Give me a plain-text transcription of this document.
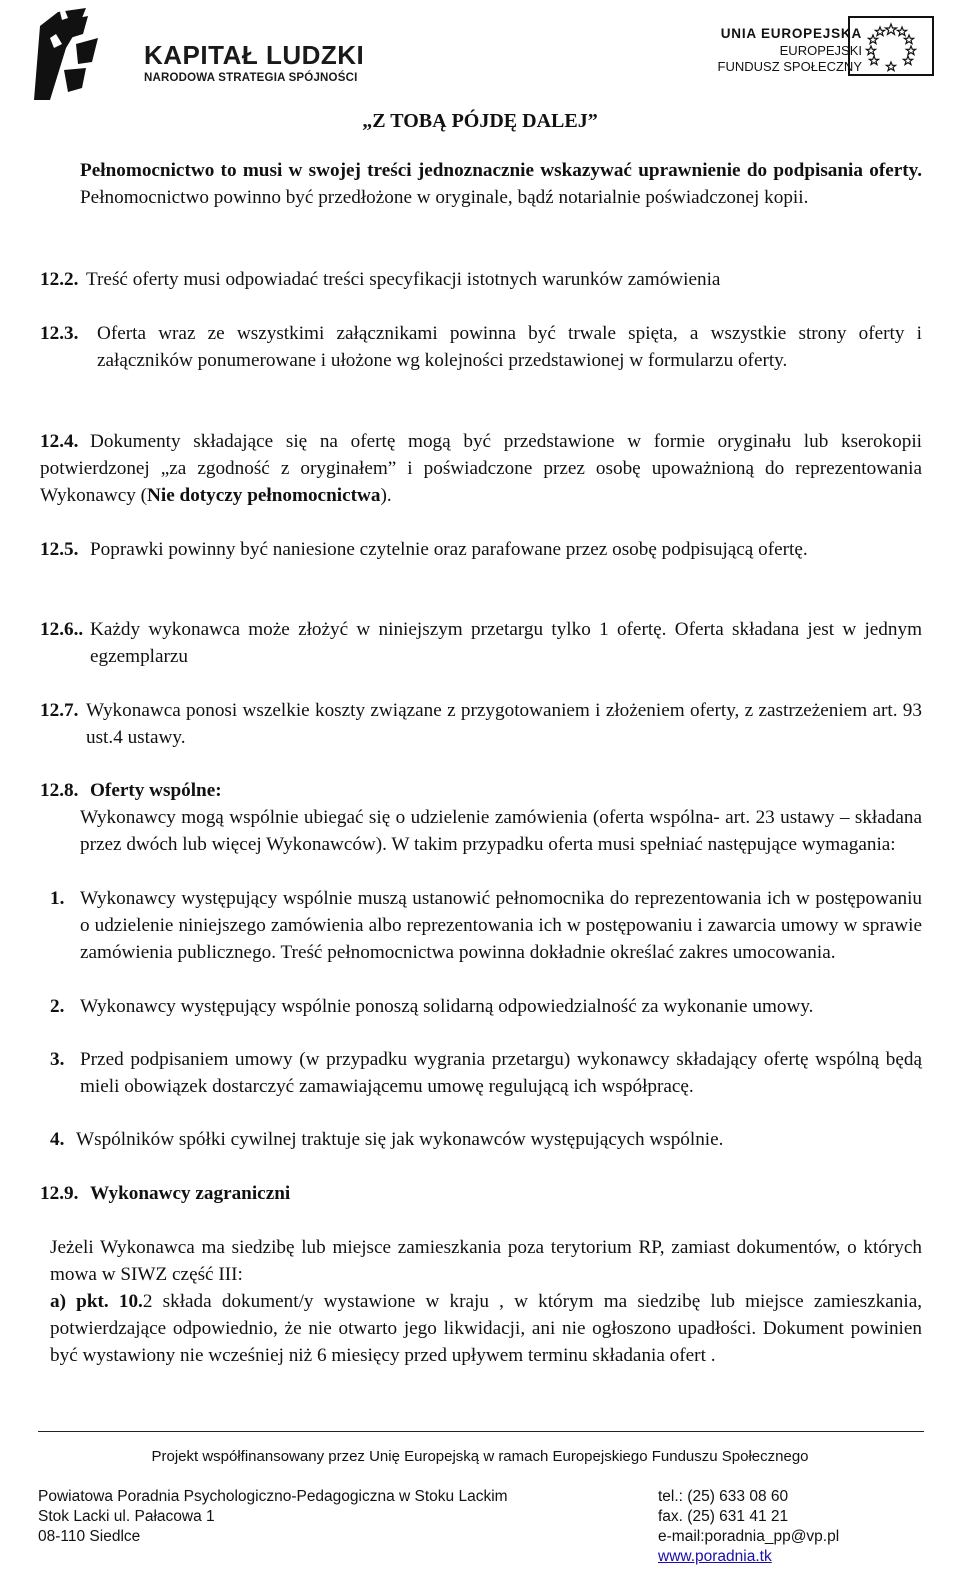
KAPITAŁ LUDZKI
NARODOWA STRATEGIA SPÓJNOŚCI
UNIA EUROPEJSKA
EUROPEJSKI
FUNDUSZ SPOŁECZNY
„Z TOBĄ PÓJDĘ DALEJ”
Pełnomocnictwo to musi w swojej treści jednoznacznie wskazywać uprawnienie do podpisania oferty. Pełnomocnictwo powinno być przedłożone w oryginale, bądź notarialnie poświadczonej kopii.
12.2. Treść oferty musi odpowiadać treści specyfikacji istotnych warunków zamówienia
12.3. Oferta wraz ze wszystkimi załącznikami powinna być trwale spięta, a wszystkie strony oferty i załączników ponumerowane i ułożone wg kolejności przedstawionej w formularzu oferty.
12.4. Dokumenty składające się na ofertę mogą być przedstawione w formie oryginału lub kserokopii potwierdzonej „za zgodność z oryginałem” i poświadczone przez osobę upoważnioną do reprezentowania Wykonawcy (Nie dotyczy pełnomocnictwa).
12.5. Poprawki powinny być naniesione czytelnie oraz parafowane przez osobę podpisującą ofertę.
12.6.. Każdy wykonawca może złożyć w niniejszym przetargu tylko 1 ofertę. Oferta składana jest w jednym egzemplarzu
12.7. Wykonawca ponosi wszelkie koszty związane z przygotowaniem i złożeniem oferty, z zastrzeżeniem art. 93 ust.4 ustawy.
12.8. Oferty wspólne:
Wykonawcy mogą wspólnie ubiegać się o udzielenie zamówienia (oferta wspólna- art. 23 ustawy – składana przez dwóch lub więcej Wykonawców). W takim przypadku oferta musi spełniać następujące wymagania:
1. Wykonawcy występujący wspólnie muszą ustanowić pełnomocnika do reprezentowania ich w postępowaniu o udzielenie niniejszego zamówienia albo reprezentowania ich w postępowaniu i zawarcia umowy w sprawie zamówienia publicznego. Treść pełnomocnictwa powinna dokładnie określać zakres umocowania.
2. Wykonawcy występujący wspólnie ponoszą solidarną odpowiedzialność za wykonanie umowy.
3. Przed podpisaniem umowy (w przypadku wygrania przetargu) wykonawcy składający ofertę wspólną będą mieli obowiązek dostarczyć zamawiającemu umowę regulującą ich współpracę.
4. Wspólników spółki cywilnej traktuje się jak wykonawców występujących wspólnie.
12.9. Wykonawcy zagraniczni
Jeżeli Wykonawca ma siedzibę lub miejsce zamieszkania poza terytorium RP, zamiast dokumentów, o których mowa w SIWZ część III:
a) pkt. 10.2 składa dokument/y wystawione w kraju , w którym ma siedzibę lub miejsce zamieszkania, potwierdzające odpowiednio, że nie otwarto jego likwidacji, ani nie ogłoszono upadłości. Dokument powinien być wystawiony nie wcześniej niż 6 miesięcy przed upływem terminu składania ofert .
Projekt współfinansowany przez Unię Europejską w ramach Europejskiego Funduszu Społecznego
Powiatowa Poradnia Psychologiczno-Pedagogiczna w Stoku Lackim
Stok Lacki ul. Pałacowa 1
08-110 Siedlce
tel.: (25) 633 08 60
fax. (25) 631 41 21
e-mail:poradnia_pp@vp.pl
www.poradnia.tk
